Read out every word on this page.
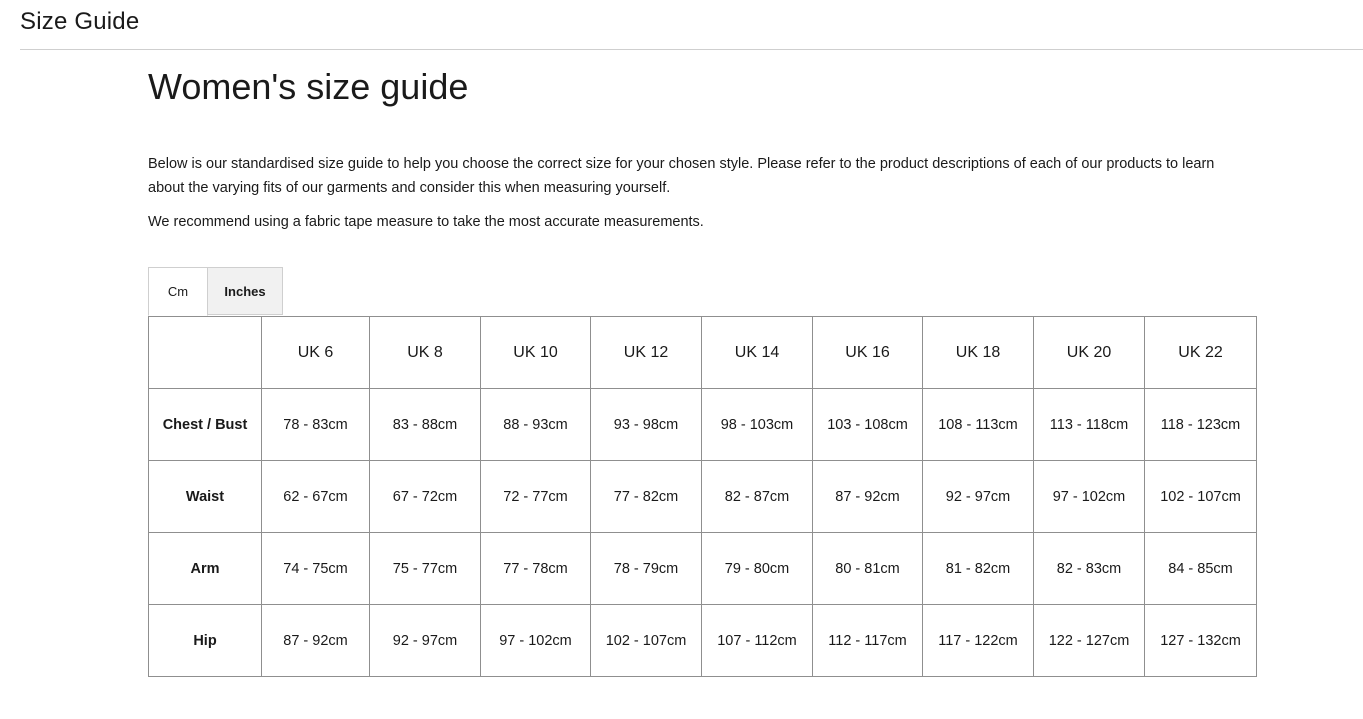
Size Guide
Women's size guide

Below is our standardised size guide to help you choose the correct size for your chosen style. Please refer to the product descriptions of each of our products to learn about the varying fits of our garments and consider this when measuring yourself.

We recommend using a fabric tape measure to take the most accurate measurements.

Cm	Inches
	UK 6	UK 8	UK 10	UK 12	UK 14	UK 16	UK 18	UK 20	UK 22
Chest / Bust	78 - 83cm	83 - 88cm	88 - 93cm	93 - 98cm	98 - 103cm	103 - 108cm	108 - 113cm	113 - 118cm	118 - 123cm
Waist	62 - 67cm	67 - 72cm	72 - 77cm	77 - 82cm	82 - 87cm	87 - 92cm	92 - 97cm	97 - 102cm	102 - 107cm
Arm	74 - 75cm	75 - 77cm	77 - 78cm	78 - 79cm	79 - 80cm	80 - 81cm	81 - 82cm	82 - 83cm	84 - 85cm
Hip	87 - 92cm	92 - 97cm	97 - 102cm	102 - 107cm	107 - 112cm	112 - 117cm	117 - 122cm	122 - 127cm	127 - 132cm
